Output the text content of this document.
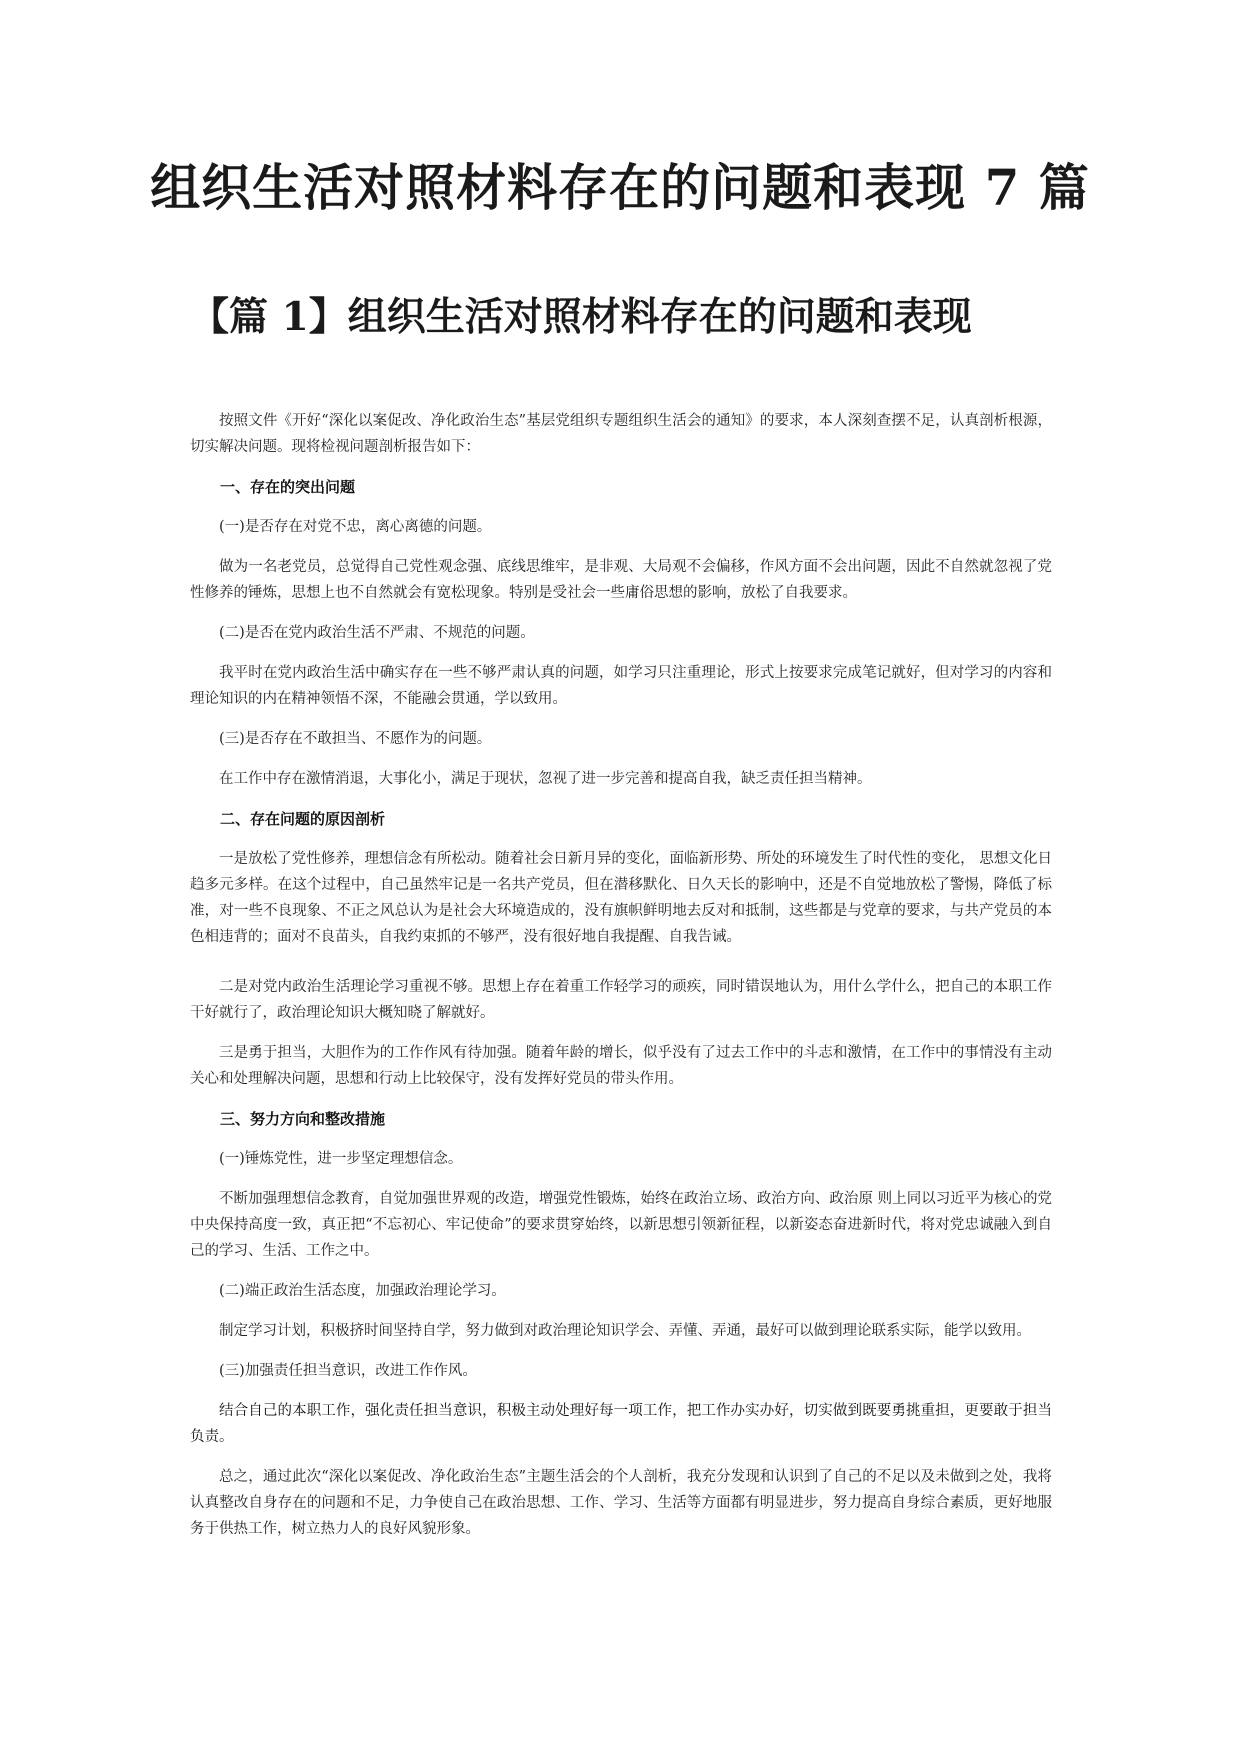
组织生活对照材料存在的问题和表现 7 篇
【篇 1】组织生活对照材料存在的问题和表现

按照文件《开好“深化以案促改、净化政治生态”基层党组织专题组织生活会的通知》的要求，本人深刻查摆不足，认真剖析根源，切实解决问题。现将检视问题剖析报告如下：

一、存在的突出问题

(一)是否存在对党不忠，离心离德的问题。

做为一名老党员，总觉得自己党性观念强、底线思维牢，是非观、大局观不会偏移，作风方面不会出问题，因此不自然就忽视了党性修养的锤炼，思想上也不自然就会有宽松现象。特别是受社会一些庸俗思想的影响，放松了自我要求。

(二)是否在党内政治生活不严肃、不规范的问题。

我平时在党内政治生活中确实存在一些不够严肃认真的问题，如学习只注重理论，形式上按要求完成笔记就好，但对学习的内容和理论知识的内在精神领悟不深，不能融会贯通，学以致用。

(三)是否存在不敢担当、不愿作为的问题。

在工作中存在激情消退，大事化小，满足于现状，忽视了进一步完善和提高自我，缺乏责任担当精神。

二、存在问题的原因剖析

一是放松了党性修养，理想信念有所松动。随着社会日新月异的变化，面临新形势、所处的环境发生了时代性的变化， 思想文化日趋多元多样。在这个过程中，自己虽然牢记是一名共产党员，但在潜移默化、日久天长的影响中，还是不自觉地放松了警惕，降低了标准，对一些不良现象、不正之风总认为是社会大环境造成的，没有旗帜鲜明地去反对和抵制，这些都是与党章的要求，与共产党员的本色相违背的；面对不良苗头，自我约束抓的不够严，没有很好地自我提醒、自我告诫。

二是对党内政治生活理论学习重视不够。思想上存在着重工作轻学习的顽疾，同时错误地认为，用什么学什么，把自己的本职工作干好就行了，政治理论知识大概知晓了解就好。

三是勇于担当，大胆作为的工作作风有待加强。随着年龄的增长，似乎没有了过去工作中的斗志和激情，在工作中的事情没有主动关心和处理解决问题，思想和行动上比较保守，没有发挥好党员的带头作用。

三、努力方向和整改措施

(一)锤炼党性，进一步坚定理想信念。

不断加强理想信念教育，自觉加强世界观的改造，增强党性锻炼，始终在政治立场、政治方向、政治原 则上同以习近平为核心的党中央保持高度一致，真正把“不忘初心、牢记使命”的要求贯穿始终，以新思想引领新征程，以新姿态奋进新时代，将对党忠诚融入到自己的学习、生活、工作之中。

(二)端正政治生活态度，加强政治理论学习。

制定学习计划，积极挤时间坚持自学，努力做到对政治理论知识学会、弄懂、弄通，最好可以做到理论联系实际，能学以致用。

(三)加强责任担当意识，改进工作作风。

结合自己的本职工作，强化责任担当意识，积极主动处理好每一项工作，把工作办实办好，切实做到既要勇挑重担，更要敢于担当负责。

总之，通过此次“深化以案促改、净化政治生态”主题生活会的个人剖析，我充分发现和认识到了自己的不足以及未做到之处，我将认真整改自身存在的问题和不足，力争使自己在政治思想、工作、学习、生活等方面都有明显进步，努力提高自身综合素质，更好地服务于供热工作，树立热力人的良好风貌形象。
